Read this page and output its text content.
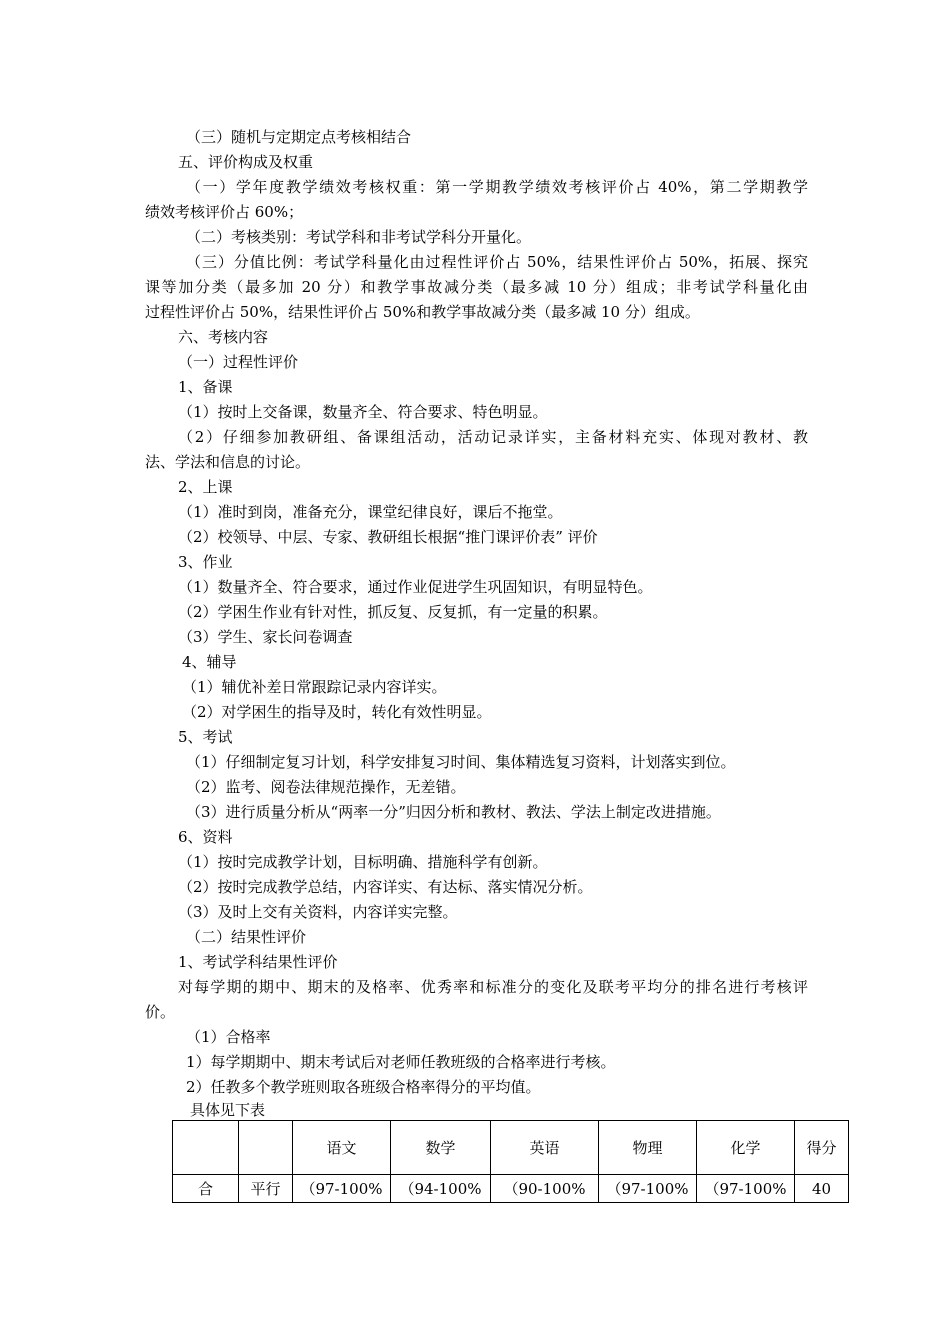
（三）随机与定期定点考核相结合
五、评价构成及权重
（一）学年度教学绩效考核权重：第一学期教学绩效考核评价占 40%，第二学期教学
绩效考核评价占 60%；
（二）考核类别：考试学科和非考试学科分开量化。
（三）分值比例：考试学科量化由过程性评价占 50%，结果性评价占 50%，拓展、探究
课等加分类（最多加 20 分）和教学事故减分类（最多减 10 分）组成；非考试学科量化由
过程性评价占 50%，结果性评价占 50%和教学事故减分类（最多减 10 分）组成。
六、考核内容
（一）过程性评价
1、备课
（1）按时上交备课，数量齐全、符合要求、特色明显。
（2）仔细参加教研组、备课组活动，活动记录详实，主备材料充实、体现对教材、教
法、学法和信息的讨论。
2、上课
（1）准时到岗，准备充分，课堂纪律良好，课后不拖堂。
（2）校领导、中层、专家、教研组长根据“推门课评价表” 评价
3、作业
（1）数量齐全、符合要求，通过作业促进学生巩固知识，有明显特色。
（2）学困生作业有针对性，抓反复、反复抓，有一定量的积累。
（3）学生、家长问卷调查
4、辅导
（1）辅优补差日常跟踪记录内容详实。
（2）对学困生的指导及时，转化有效性明显。
5、考试
（1）仔细制定复习计划，科学安排复习时间、集体精选复习资料，计划落实到位。
（2）监考、阅卷法律规范操作，无差错。
（3）进行质量分析从“两率一分”归因分析和教材、教法、学法上制定改进措施。
6、资料
（1）按时完成教学计划，目标明确、措施科学有创新。
（2）按时完成教学总结，内容详实、有达标、落实情况分析。
（3）及时上交有关资料，内容详实完整。
（二）结果性评价
1、考试学科结果性评价
对每学期的期中、期末的及格率、优秀率和标准分的变化及联考平均分的排名进行考核评
价。
（1）合格率
1）每学期期中、期末考试后对老师任教班级的合格率进行考核。
2）任教多个教学班则取各班级合格率得分的平均值。
具体见下表
		语文	数学	英语	物理	化学	得分
合	平行	（97-100%	（94-100%	（90-100%	（97-100%	（97-100%	40
